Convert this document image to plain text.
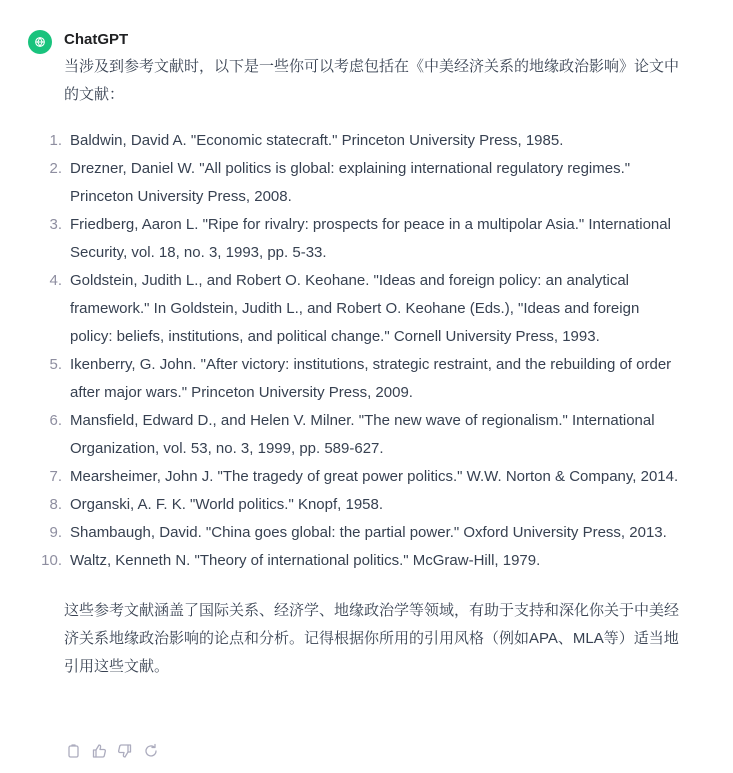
ChatGPT

当涉及到参考文献时，以下是一些你可以考虑包括在《中美经济关系的地缘政治影响》论文中的文献：

1. Baldwin, David A. "Economic statecraft." Princeton University Press, 1985.
2. Drezner, Daniel W. "All politics is global: explaining international regulatory regimes." Princeton University Press, 2008.
3. Friedberg, Aaron L. "Ripe for rivalry: prospects for peace in a multipolar Asia." International Security, vol. 18, no. 3, 1993, pp. 5-33.
4. Goldstein, Judith L., and Robert O. Keohane. "Ideas and foreign policy: an analytical framework." In Goldstein, Judith L., and Robert O. Keohane (Eds.), "Ideas and foreign policy: beliefs, institutions, and political change." Cornell University Press, 1993.
5. Ikenberry, G. John. "After victory: institutions, strategic restraint, and the rebuilding of order after major wars." Princeton University Press, 2009.
6. Mansfield, Edward D., and Helen V. Milner. "The new wave of regionalism." International Organization, vol. 53, no. 3, 1999, pp. 589-627.
7. Mearsheimer, John J. "The tragedy of great power politics." W.W. Norton & Company, 2014.
8. Organski, A. F. K. "World politics." Knopf, 1958.
9. Shambaugh, David. "China goes global: the partial power." Oxford University Press, 2013.
10. Waltz, Kenneth N. "Theory of international politics." McGraw-Hill, 1979.

这些参考文献涵盖了国际关系、经济学、地缘政治学等领域，有助于支持和深化你关于中美经济关系地缘政治影响的论点和分析。记得根据你所用的引用风格（例如APA、MLA等）适当地引用这些文献。
